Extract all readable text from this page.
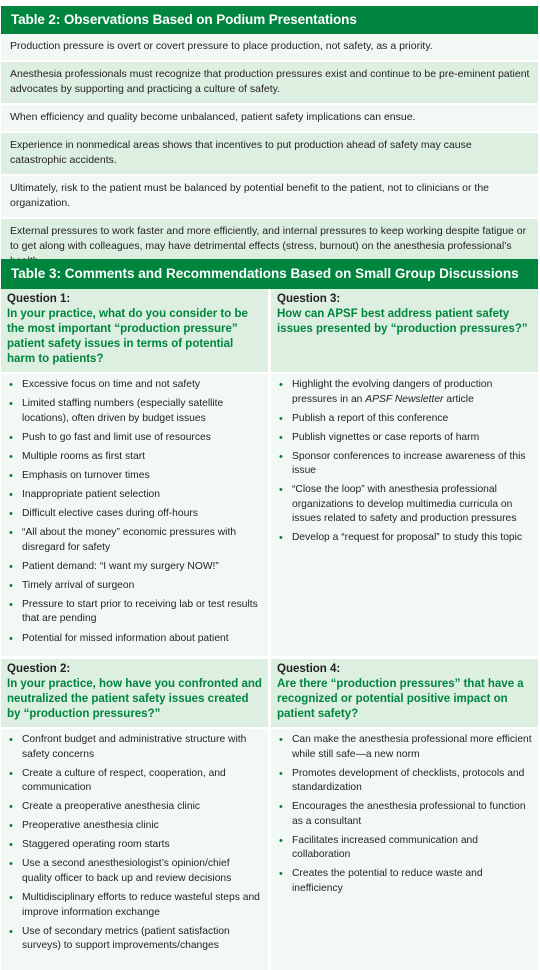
Table 2: Observations Based on Podium Presentations
Production pressure is overt or covert pressure to place production, not safety, as a priority.
Anesthesia professionals must recognize that production pressures exist and continue to be pre-eminent patient advocates by supporting and practicing a culture of safety.
When efficiency and quality become unbalanced, patient safety implications can ensue.
Experience in nonmedical areas shows that incentives to put production ahead of safety may cause catastrophic accidents.
Ultimately, risk to the patient must be balanced by potential benefit to the patient, not to clinicians or the organization.
External pressures to work faster and more efficiently, and internal pressures to keep working despite fatigue or to get along with colleagues, may have detrimental effects (stress, burnout) on the anesthesia professional’s
Table 3: Comments and Recommendations Based on Small Group Discussions
Question 1:
In your practice, what do you consider to be the most important “production pressure” patient safety issues in terms of potential harm to patients?
• Excessive focus on time and not safety
• Limited staffing numbers (especially satellite locations), often driven by budget issues
• Push to go fast and limit use of resources
• Multiple rooms as first start
• Emphasis on turnover times
• Inappropriate patient selection
• Difficult elective cases during off-hours
• “All about the money” economic pressures with disregard for safety
• Patient demand: “I want my surgery NOW!”
• Timely arrival of surgeon
• Pressure to start prior to receiving lab or test results that are pending
• Potential for missed information about patient
Question 3:
How can APSF best address patient safety issues presented by “production pressures?”
• Highlight the evolving dangers of production pressures in an APSF Newsletter article
• Publish a report of this conference
• Publish vignettes or case reports of harm
• Sponsor conferences to increase awareness of this issue
• “Close the loop” with anesthesia professional organizations to develop multimedia curricula on issues related to safety and production pressures
• Develop a “request for proposal” to study this topic
Question 2:
In your practice, how have you confronted and neutralized the patient safety issues created by “production pressures?”
• Confront budget and administrative structure with safety concerns
• Create a culture of respect, cooperation, and communication
• Create a preoperative anesthesia clinic
• Preoperative anesthesia clinic
• Staggered operating room starts
• Use a second anesthesiologist’s opinion/chief quality officer to back up and review decisions
• Multidisciplinary efforts to reduce wasteful steps and improve information exchange
• Use of secondary metrics (patient satisfaction surveys) to support improvements/changes
Question 4:
Are there “production pressures” that have a recognized or potential positive impact on patient safety?
• Can make the anesthesia professional more efficient while still safe—a new norm
• Promotes development of checklists, protocols and standardization
• Encourages the anesthesia professional to function as a consultant
• Facilitates increased communication and collaboration
• Creates the potential to reduce waste and inefficiency
